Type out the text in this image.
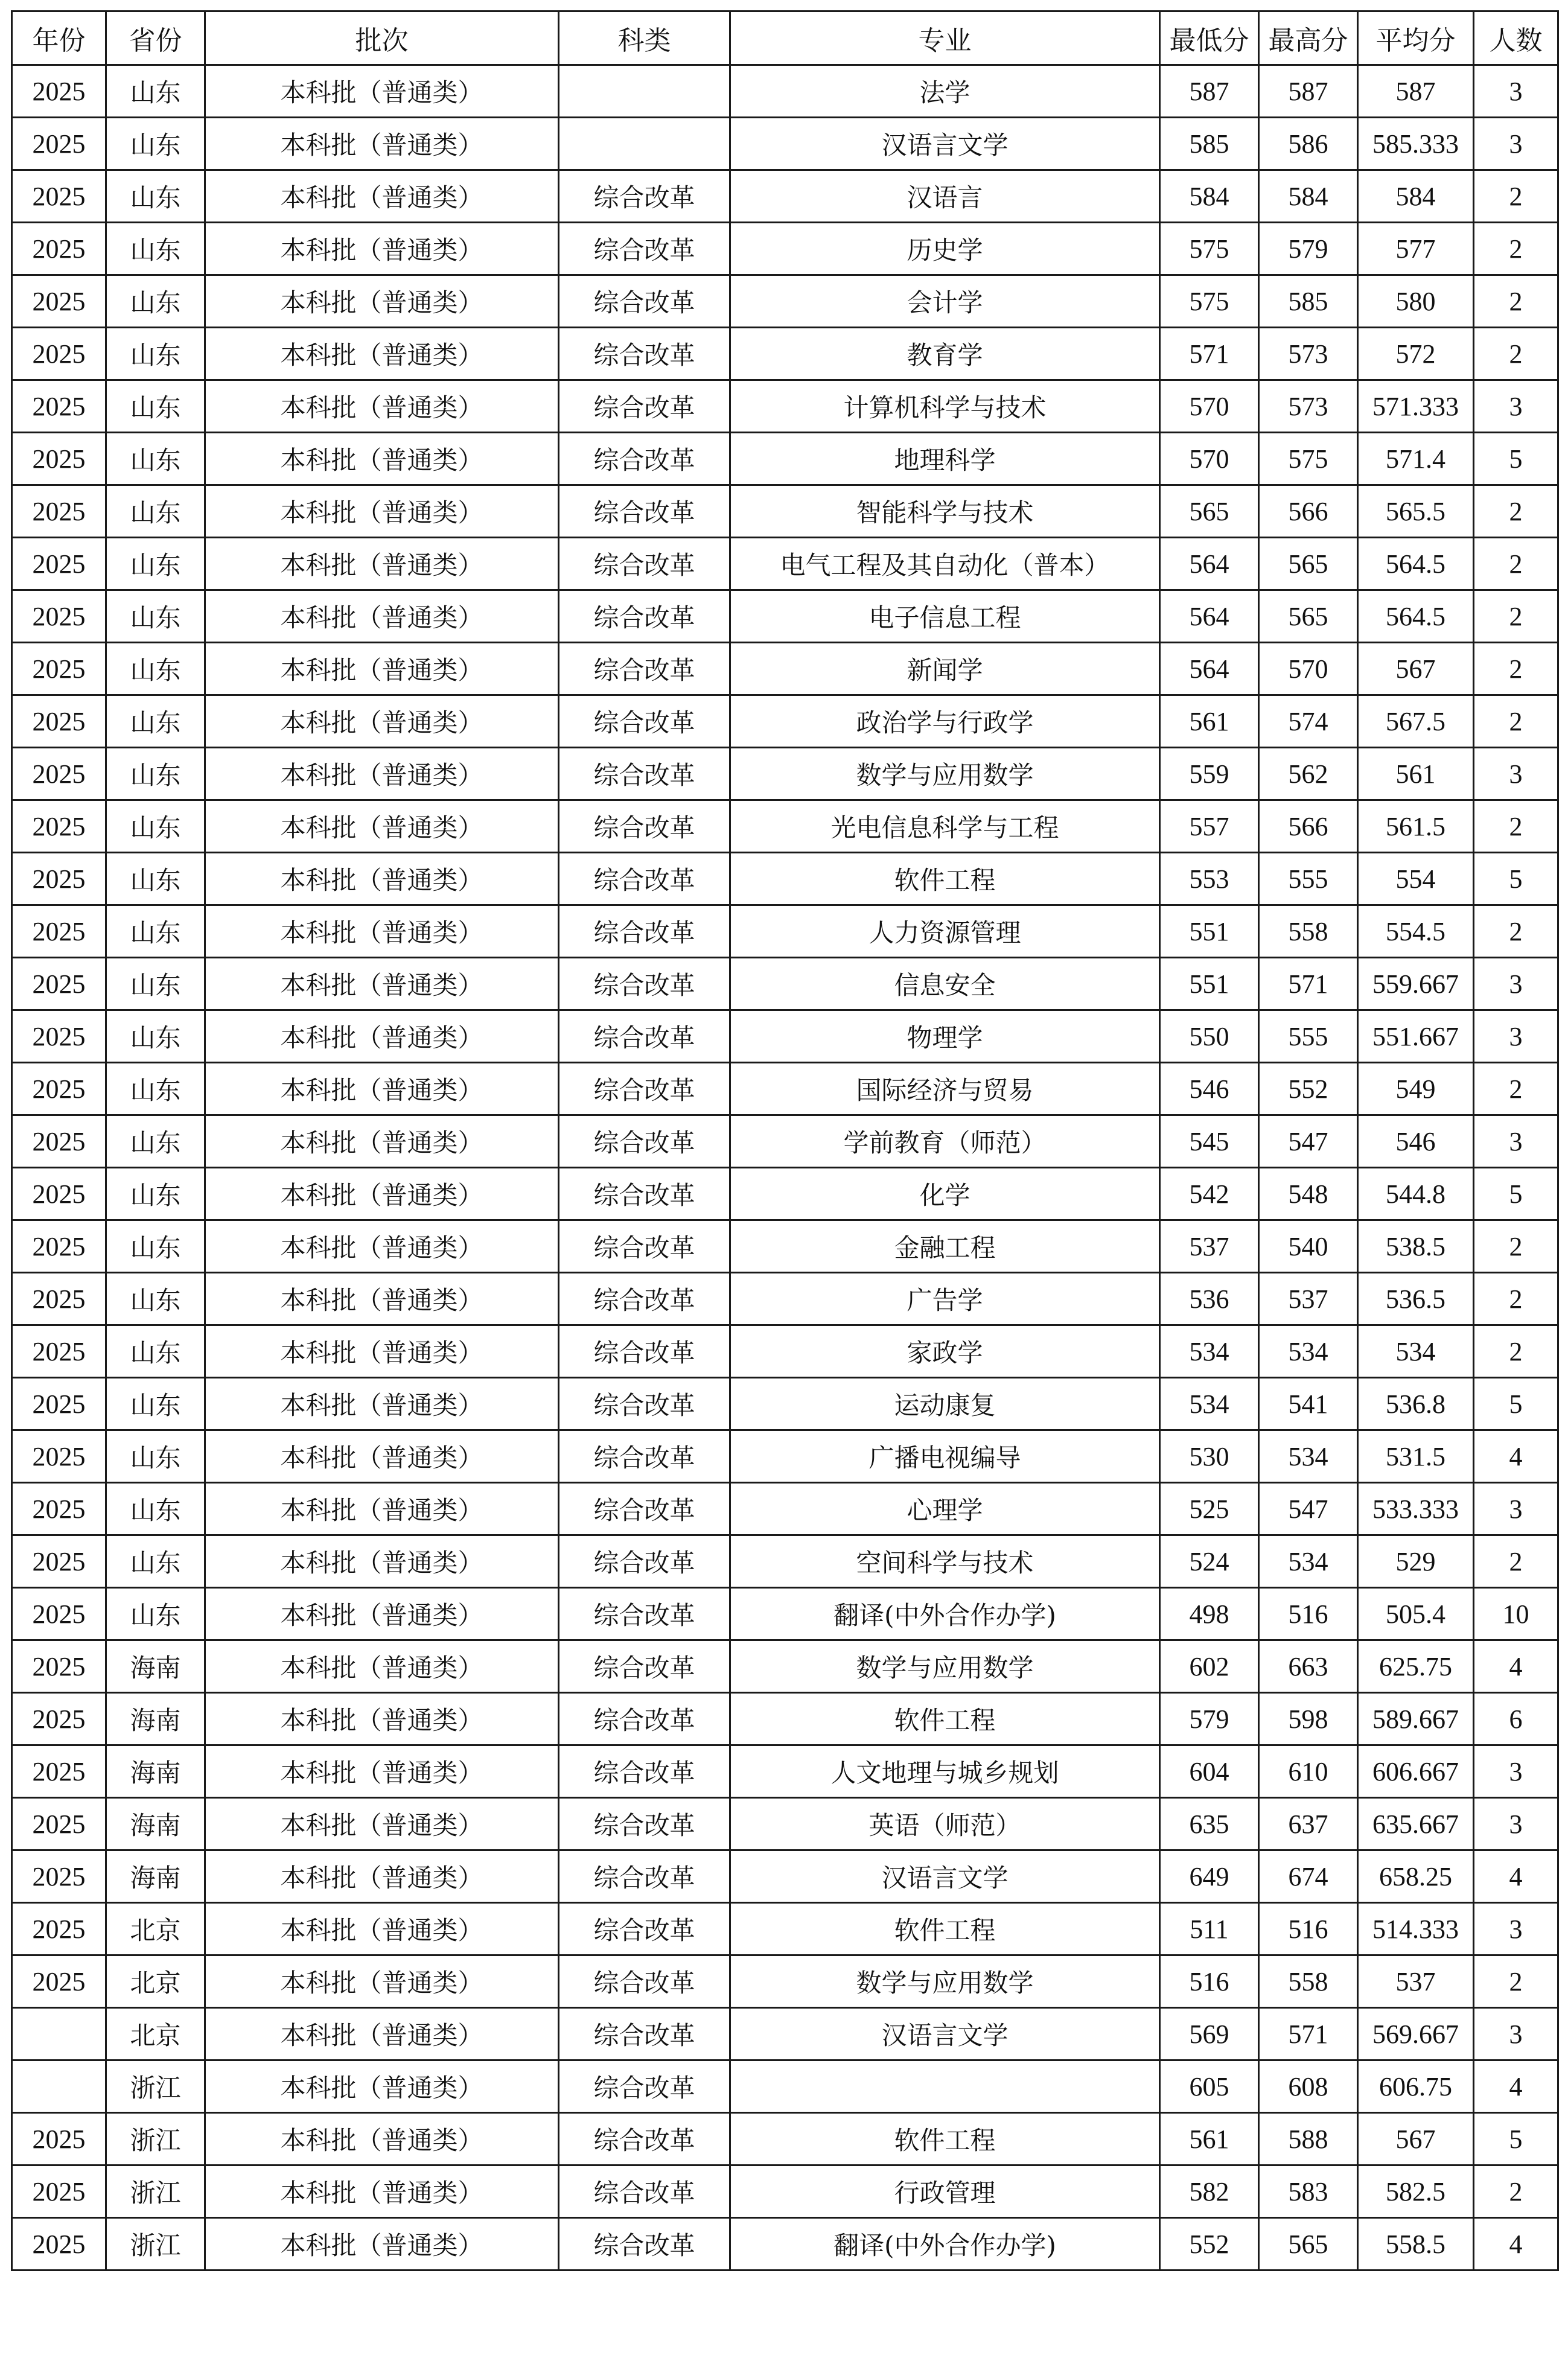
年份	省份	批次	科类	专业	最低分	最高分	平均分	人数
2025	山东	本科批（普通类）		法学	587	587	587	3
2025	山东	本科批（普通类）		汉语言文学	585	586	585.333	3
2025	山东	本科批（普通类）	综合改革	汉语言	584	584	584	2
2025	山东	本科批（普通类）	综合改革	历史学	575	579	577	2
2025	山东	本科批（普通类）	综合改革	会计学	575	585	580	2
2025	山东	本科批（普通类）	综合改革	教育学	571	573	572	2
2025	山东	本科批（普通类）	综合改革	计算机科学与技术	570	573	571.333	3
2025	山东	本科批（普通类）	综合改革	地理科学	570	575	571.4	5
2025	山东	本科批（普通类）	综合改革	智能科学与技术	565	566	565.5	2
2025	山东	本科批（普通类）	综合改革	电气工程及其自动化（普本）	564	565	564.5	2
2025	山东	本科批（普通类）	综合改革	电子信息工程	564	565	564.5	2
2025	山东	本科批（普通类）	综合改革	新闻学	564	570	567	2
2025	山东	本科批（普通类）	综合改革	政治学与行政学	561	574	567.5	2
2025	山东	本科批（普通类）	综合改革	数学与应用数学	559	562	561	3
2025	山东	本科批（普通类）	综合改革	光电信息科学与工程	557	566	561.5	2
2025	山东	本科批（普通类）	综合改革	软件工程	553	555	554	5
2025	山东	本科批（普通类）	综合改革	人力资源管理	551	558	554.5	2
2025	山东	本科批（普通类）	综合改革	信息安全	551	571	559.667	3
2025	山东	本科批（普通类）	综合改革	物理学	550	555	551.667	3
2025	山东	本科批（普通类）	综合改革	国际经济与贸易	546	552	549	2
2025	山东	本科批（普通类）	综合改革	学前教育（师范）	545	547	546	3
2025	山东	本科批（普通类）	综合改革	化学	542	548	544.8	5
2025	山东	本科批（普通类）	综合改革	金融工程	537	540	538.5	2
2025	山东	本科批（普通类）	综合改革	广告学	536	537	536.5	2
2025	山东	本科批（普通类）	综合改革	家政学	534	534	534	2
2025	山东	本科批（普通类）	综合改革	运动康复	534	541	536.8	5
2025	山东	本科批（普通类）	综合改革	广播电视编导	530	534	531.5	4
2025	山东	本科批（普通类）	综合改革	心理学	525	547	533.333	3
2025	山东	本科批（普通类）	综合改革	空间科学与技术	524	534	529	2
2025	山东	本科批（普通类）	综合改革	翻译(中外合作办学)	498	516	505.4	10
2025	海南	本科批（普通类）	综合改革	数学与应用数学	602	663	625.75	4
2025	海南	本科批（普通类）	综合改革	软件工程	579	598	589.667	6
2025	海南	本科批（普通类）	综合改革	人文地理与城乡规划	604	610	606.667	3
2025	海南	本科批（普通类）	综合改革	英语（师范）	635	637	635.667	3
2025	海南	本科批（普通类）	综合改革	汉语言文学	649	674	658.25	4
2025	北京	本科批（普通类）	综合改革	软件工程	511	516	514.333	3
2025	北京	本科批（普通类）	综合改革	数学与应用数学	516	558	537	2
	北京	本科批（普通类）	综合改革	汉语言文学	569	571	569.667	3
	浙江	本科批（普通类）	综合改革		605	608	606.75	4
2025	浙江	本科批（普通类）	综合改革	软件工程	561	588	567	5
2025	浙江	本科批（普通类）	综合改革	行政管理	582	583	582.5	2
2025	浙江	本科批（普通类）	综合改革	翻译(中外合作办学)	552	565	558.5	4
